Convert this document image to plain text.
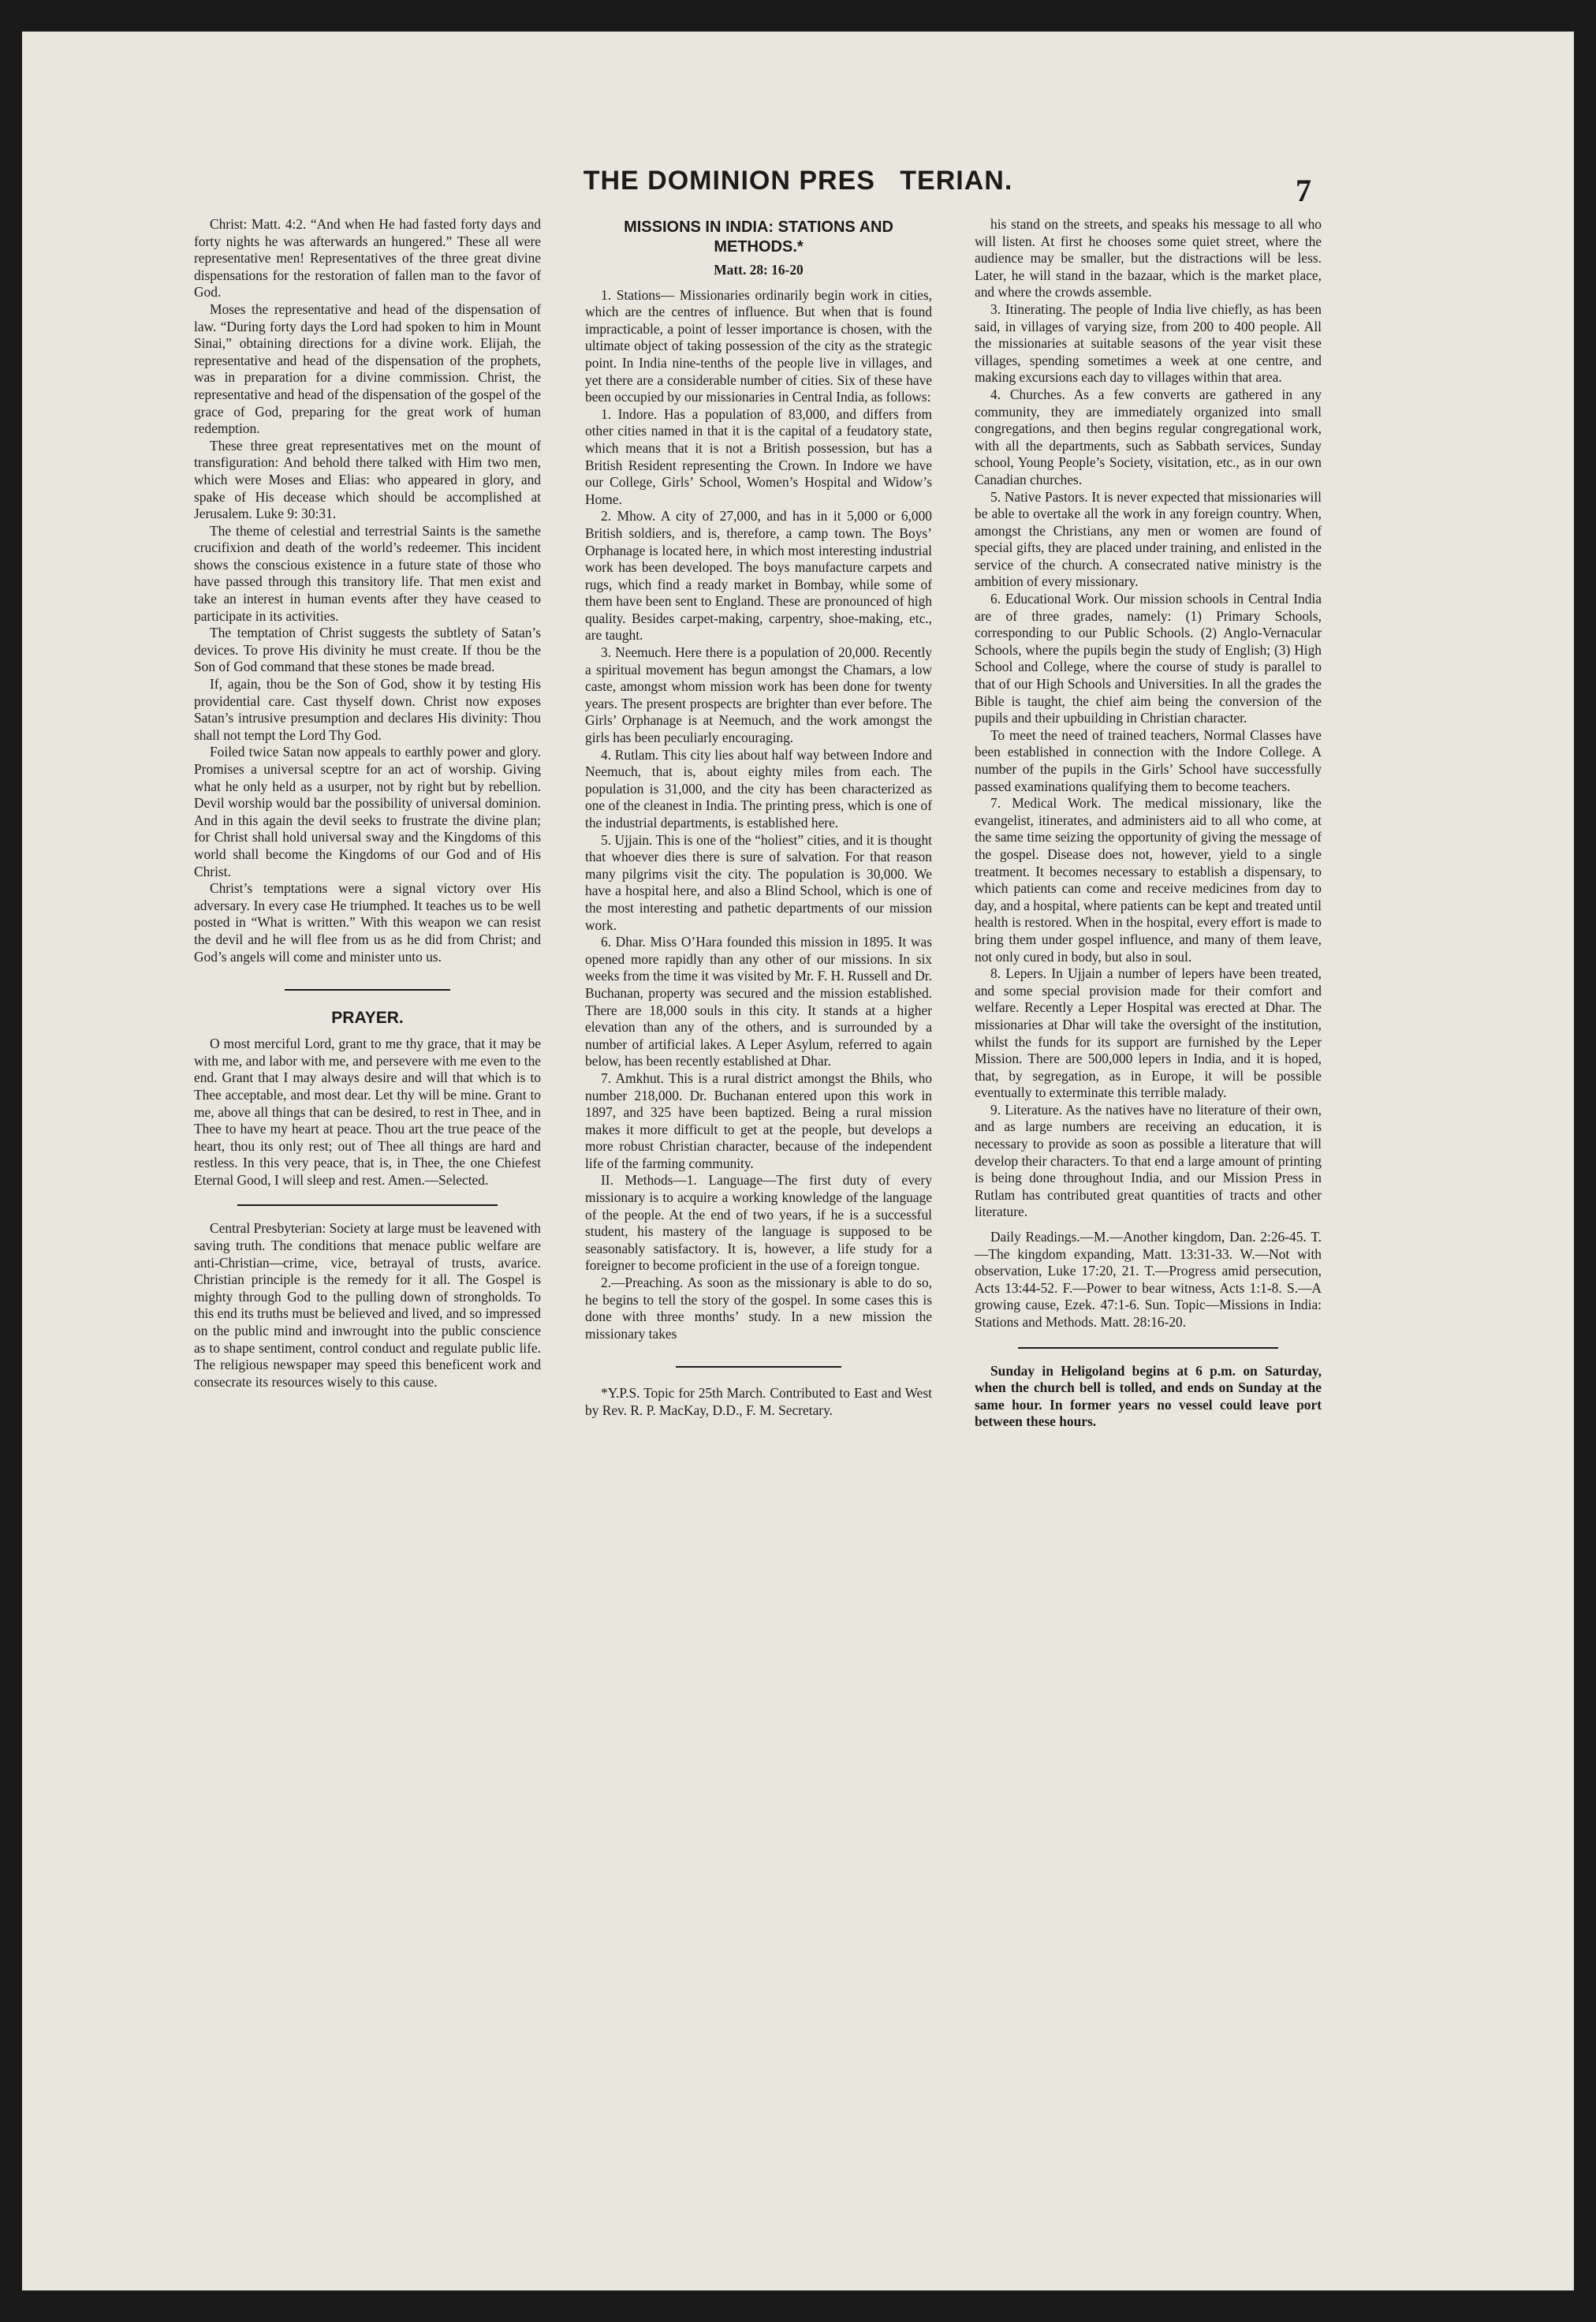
THE DOMINION PRES   TERIAN.	7

Christ: Matt. 4:2. “And when He had fasted forty days and forty nights he was afterwards an hungered.” These all were representative men! Representatives of the three great divine dispensations for the restoration of fallen man to the favor of God.

Moses the representative and head of the dispensation of law. “During forty days the Lord had spoken to him in Mount Sinai,” obtaining directions for a divine work. Elijah, the representative and head of the dispensation of the prophets, was in preparation for a divine commission. Christ, the representative and head of the dispensation of the gospel of the grace of God, preparing for the great work of human redemption.

These three great representatives met on the mount of transfiguration: And behold there talked with Him two men, which were Moses and Elias: who appeared in glory, and spake of His decease which should be accomplished at Jerusalem. Luke 9: 30:31.

The theme of celestial and terrestrial Saints is the samethe crucifixion and death of the world’s redeemer. This incident shows the conscious existence in a future state of those who have passed through this transitory life. That men exist and take an interest in human events after they have ceased to participate in its activities.

The temptation of Christ suggests the subtlety of Satan’s devices. To prove His divinity he must create. If thou be the Son of God command that these stones be made bread.

If, again, thou be the Son of God, show it by testing His providential care. Cast thyself down. Christ now exposes Satan’s intrusive presumption and declares His divinity: Thou shall not tempt the Lord Thy God.

Foiled twice Satan now appeals to earthly power and glory. Promises a universal sceptre for an act of worship. Giving what he only held as a usurper, not by right but by rebellion. Devil worship would bar the possibility of universal dominion. And in this again the devil seeks to frustrate the divine plan; for Christ shall hold universal sway and the Kingdoms of this world shall become the Kingdoms of our God and of His Christ.

Christ’s temptations were a signal victory over His adversary. In every case He triumphed. It teaches us to be well posted in “What is written.” With this weapon we can resist the devil and he will flee from us as he did from Christ; and God’s angels will come and minister unto us.

PRAYER.

O most merciful Lord, grant to me thy grace, that it may be with me, and labor with me, and persevere with me even to the end. Grant that I may always desire and will that which is to Thee acceptable, and most dear. Let thy will be mine. Grant to me, above all things that can be desired, to rest in Thee, and in Thee to have my heart at peace. Thou art the true peace of the heart, thou its only rest; out of Thee all things are hard and restless. In this very peace, that is, in Thee, the one Chiefest Eternal Good, I will sleep and rest. Amen.—Selected.

Central Presbyterian: Society at large must be leavened with saving truth. The conditions that menace public welfare are anti-Christian—crime, vice, betrayal of trusts, avarice. Christian principle is the remedy for it all. The Gospel is mighty through God to the pulling down of strongholds. To this end its truths must be believed and lived, and so impressed on the public mind and inwrought into the public conscience as to shape sentiment, control conduct and regulate public life. The religious newspaper may speed this beneficent work and consecrate its resources wisely to this cause.

MISSIONS IN INDIA: STATIONS AND METHODS.*
Matt. 28: 16-20

1. Stations— Missionaries ordinarily begin work in cities, which are the centres of influence. But when that is found impracticable, a point of lesser importance is chosen, with the ultimate object of taking possession of the city as the strategic point. In India nine-tenths of the people live in villages, and yet there are a considerable number of cities. Six of these have been occupied by our missionaries in Central India, as follows:

1. Indore. Has a population of 83,000, and differs from other cities named in that it is the capital of a feudatory state, which means that it is not a British possession, but has a British Resident representing the Crown. In Indore we have our College, Girls’ School, Women’s Hospital and Widow’s Home.

2. Mhow. A city of 27,000, and has in it 5,000 or 6,000 British soldiers, and is, therefore, a camp town. The Boys’ Orphanage is located here, in which most interesting industrial work has been developed. The boys manufacture carpets and rugs, which find a ready market in Bombay, while some of them have been sent to England. These are pronounced of high quality. Besides carpet-making, carpentry, shoe-making, etc., are taught.

3. Neemuch. Here there is a population of 20,000. Recently a spiritual movement has begun amongst the Chamars, a low caste, amongst whom mission work has been done for twenty years. The present prospects are brighter than ever before. The Girls’ Orphanage is at Neemuch, and the work amongst the girls has been peculiarly encouraging.

4. Rutlam. This city lies about half way between Indore and Neemuch, that is, about eighty miles from each. The population is 31,000, and the city has been characterized as one of the cleanest in India. The printing press, which is one of the industrial departments, is established here.

5. Ujjain. This is one of the “holiest” cities, and it is thought that whoever dies there is sure of salvation. For that reason many pilgrims visit the city. The population is 30,000. We have a hospital here, and also a Blind School, which is one of the most interesting and pathetic departments of our mission work.

6. Dhar. Miss O’Hara founded this mission in 1895. It was opened more rapidly than any other of our missions. In six weeks from the time it was visited by Mr. F. H. Russell and Dr. Buchanan, property was secured and the mission established. There are 18,000 souls in this city. It stands at a higher elevation than any of the others, and is surrounded by a number of artificial lakes. A Leper Asylum, referred to again below, has been recently established at Dhar.

7. Amkhut. This is a rural district amongst the Bhils, who number 218,000. Dr. Buchanan entered upon this work in 1897, and 325 have been baptized. Being a rural mission makes it more difficult to get at the people, but develops a more robust Christian character, because of the independent life of the farming community.

II. Methods—1. Language—The first duty of every missionary is to acquire a working knowledge of the language of the people. At the end of two years, if he is a successful student, his mastery of the language is supposed to be seasonably satisfactory. It is, however, a life study for a foreigner to become proficient in the use of a foreign tongue.

2.—Preaching. As soon as the missionary is able to do so, he begins to tell the story of the gospel. In some cases this is done with three months’ study. In a new mission the missionary takes

*Y.P.S. Topic for 25th March. Contributed to East and West by Rev. R. P. MacKay, D.D., F. M. Secretary.

his stand on the streets, and speaks his message to all who will listen. At first he chooses some quiet street, where the audience may be smaller, but the distractions will be less. Later, he will stand in the bazaar, which is the market place, and where the crowds assemble.

3. Itinerating. The people of India live chiefly, as has been said, in villages of varying size, from 200 to 400 people. All the missionaries at suitable seasons of the year visit these villages, spending sometimes a week at one centre, and making excursions each day to villages within that area.

4. Churches. As a few converts are gathered in any community, they are immediately organized into small congregations, and then begins regular congregational work, with all the departments, such as Sabbath services, Sunday school, Young People’s Society, visitation, etc., as in our own Canadian churches.

5. Native Pastors. It is never expected that missionaries will be able to overtake all the work in any foreign country. When, amongst the Christians, any men or women are found of special gifts, they are placed under training, and enlisted in the service of the church. A consecrated native ministry is the ambition of every missionary.

6. Educational Work. Our mission schools in Central India are of three grades, namely: (1) Primary Schools, corresponding to our Public Schools. (2) Anglo-Vernacular Schools, where the pupils begin the study of English; (3) High School and College, where the course of study is parallel to that of our High Schools and Universities. In all the grades the Bible is taught, the chief aim being the conversion of the pupils and their upbuilding in Christian character.

To meet the need of trained teachers, Normal Classes have been established in connection with the Indore College. A number of the pupils in the Girls’ School have successfully passed examinations qualifying them to become teachers.

7. Medical Work. The medical missionary, like the evangelist, itinerates, and administers aid to all who come, at the same time seizing the opportunity of giving the message of the gospel. Disease does not, however, yield to a single treatment. It becomes necessary to establish a dispensary, to which patients can come and receive medicines from day to day, and a hospital, where patients can be kept and treated until health is restored. When in the hospital, every effort is made to bring them under gospel influence, and many of them leave, not only cured in body, but also in soul.

8. Lepers. In Ujjain a number of lepers have been treated, and some special provision made for their comfort and welfare. Recently a Leper Hospital was erected at Dhar. The missionaries at Dhar will take the oversight of the institution, whilst the funds for its support are furnished by the Leper Mission. There are 500,000 lepers in India, and it is hoped, that, by segregation, as in Europe, it will be possible eventually to exterminate this terrible malady.

9. Literature. As the natives have no literature of their own, and as large numbers are receiving an education, it is necessary to provide as soon as possible a literature that will develop their characters. To that end a large amount of printing is being done throughout India, and our Mission Press in Rutlam has contributed great quantities of tracts and other literature.

Daily Readings.—M.—Another kingdom, Dan. 2:26-45. T.—The kingdom expanding, Matt. 13:31-33. W.—Not with observation, Luke 17:20, 21. T.—Progress amid persecution, Acts 13:44-52. F.—Power to bear witness, Acts 1:1-8. S.—A growing cause, Ezek. 47:1-6. Sun. Topic—Missions in India: Stations and Methods. Matt. 28:16-20.

Sunday in Heligoland begins at 6 p.m. on Saturday, when the church bell is tolled, and ends on Sunday at the same hour. In former years no vessel could leave port between these hours.
